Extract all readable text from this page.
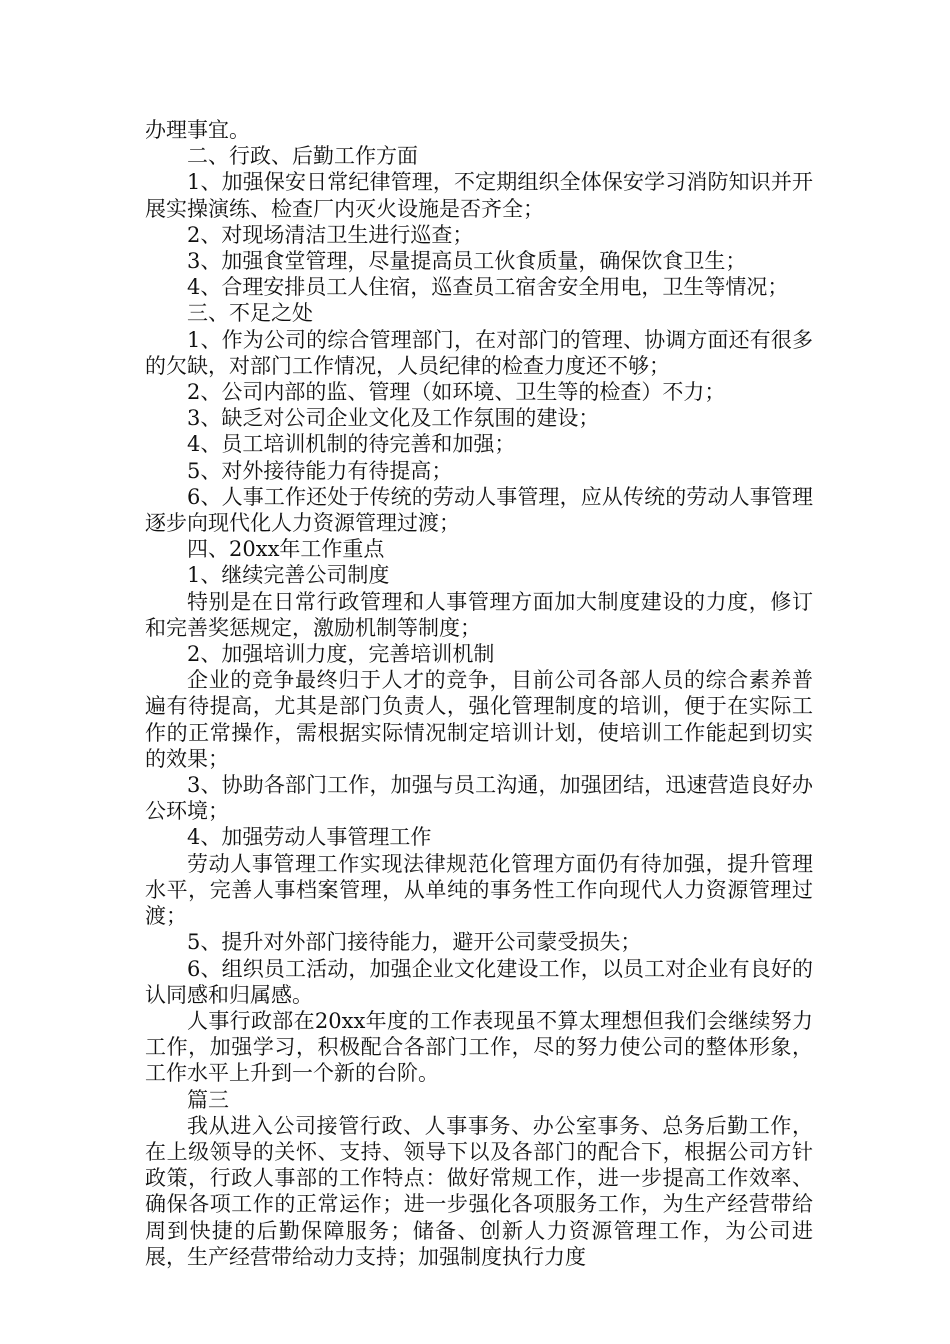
办理事宜。

二、行政、后勤工作方面

1、加强保安日常纪律管理，不定期组织全体保安学习消防知识并开展实操演练、检查厂内灭火设施是否齐全；

2、对现场清洁卫生进行巡查；

3、加强食堂管理，尽量提高员工伙食质量，确保饮食卫生；

4、合理安排员工人住宿，巡查员工宿舍安全用电，卫生等情况；

三、不足之处

1、作为公司的综合管理部门，在对部门的管理、协调方面还有很多的欠缺，对部门工作情况，人员纪律的检查力度还不够；

2、公司内部的监、管理（如环境、卫生等的检查）不力；

3、缺乏对公司企业文化及工作氛围的建设；

4、员工培训机制的待完善和加强；

5、对外接待能力有待提高；

6、人事工作还处于传统的劳动人事管理，应从传统的劳动人事管理逐步向现代化人力资源管理过渡；

四、20xx年工作重点

1、继续完善公司制度

特别是在日常行政管理和人事管理方面加大制度建设的力度，修订和完善奖惩规定，激励机制等制度；

2、加强培训力度，完善培训机制

企业的竞争最终归于人才的竞争，目前公司各部人员的综合素养普遍有待提高，尤其是部门负责人，强化管理制度的培训，便于在实际工作的正常操作，需根据实际情况制定培训计划，使培训工作能起到切实的效果；

3、协助各部门工作，加强与员工沟通，加强团结，迅速营造良好办公环境；

4、加强劳动人事管理工作

劳动人事管理工作实现法律规范化管理方面仍有待加强，提升管理水平，完善人事档案管理，从单纯的事务性工作向现代人力资源管理过渡；

5、提升对外部门接待能力，避开公司蒙受损失；

6、组织员工活动，加强企业文化建设工作，以员工对企业有良好的认同感和归属感。

人事行政部在20xx年度的工作表现虽不算太理想但我们会继续努力工作，加强学习，积极配合各部门工作，尽的努力使公司的整体形象，工作水平上升到一个新的台阶。

篇三

我从进入公司接管行政、人事事务、办公室事务、总务后勤工作，在上级领导的关怀、支持、领导下以及各部门的配合下，根据公司方针政策，行政人事部的工作特点：做好常规工作，进一步提高工作效率、确保各项工作的正常运作；进一步强化各项服务工作，为生产经营带给周到快捷的后勤保障服务；储备、创新人力资源管理工作，为公司进展，生产经营带给动力支持；加强制度执行力度
